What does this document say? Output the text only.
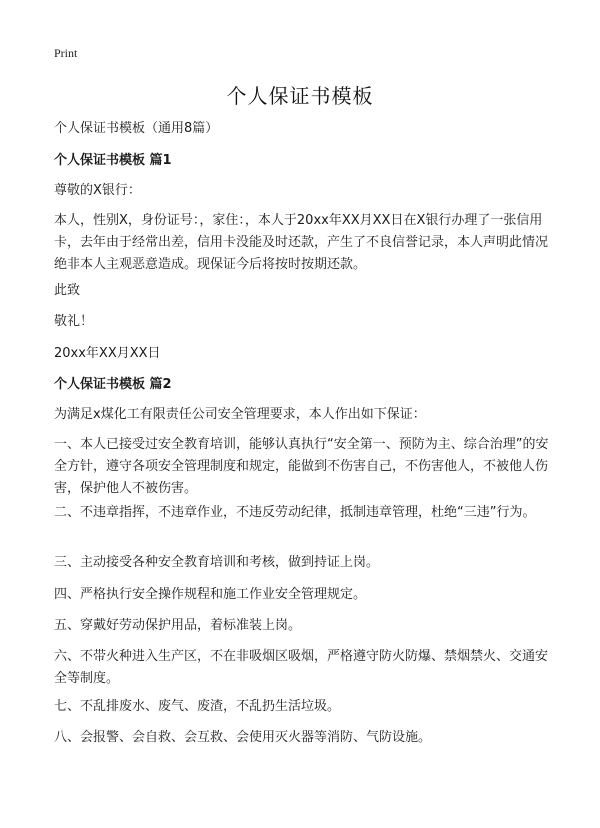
Print
个人保证书模板
个人保证书模板（通用8篇）
个人保证书模板 篇1
尊敬的X银行：
本人，性别X，身份证号：，家住：，本人于20xx年XX月XX日在X银行办理了一张信用卡，去年由于经常出差，信用卡没能及时还款，产生了不良信誉记录，本人声明此情况绝非本人主观恶意造成。现保证今后将按时按期还款。
此致
敬礼！
20xx年XX月XX日
个人保证书模板 篇2
为满足x煤化工有限责任公司安全管理要求，本人作出如下保证：
一、本人已接受过安全教育培训，能够认真执行“安全第一、预防为主、综合治理”的安全方针，遵守各项安全管理制度和规定，能做到不伤害自己，不伤害他人，不被他人伤害，保护他人不被伤害。
二、不违章指挥，不违章作业，不违反劳动纪律，抵制违章管理，杜绝“三违”行为。
三、主动接受各种安全教育培训和考核，做到持证上岗。
四、严格执行安全操作规程和施工作业安全管理规定。
五、穿戴好劳动保护用品，着标准装上岗。
六、不带火种进入生产区，不在非吸烟区吸烟，严格遵守防火防爆、禁烟禁火、交通安全等制度。
七、不乱排废水、废气、废渣，不乱扔生活垃圾。
八、会报警、会自救、会互救、会使用灭火器等消防、气防设施。
